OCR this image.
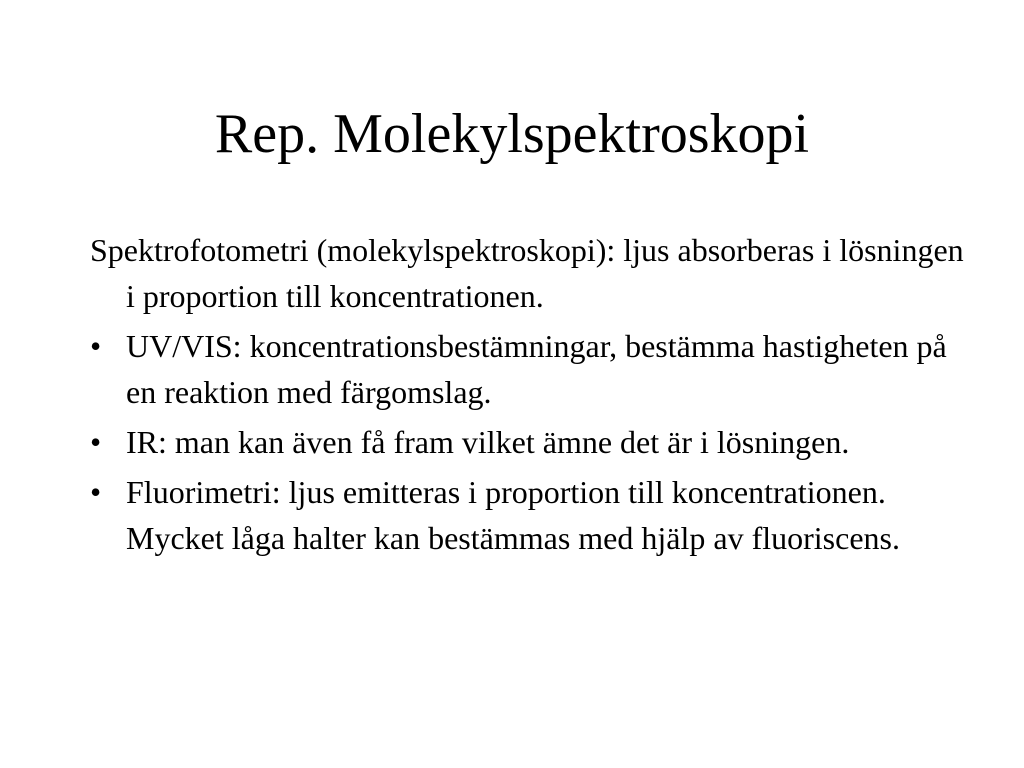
Rep. Molekylspektroskopi

Spektrofotometri (molekylspektroskopi): ljus absorberas i lösningen i proportion till koncentrationen.

• UV/VIS: koncentrationsbestämningar, bestämma hastigheten på en reaktion med färgomslag.
• IR: man kan även få fram vilket ämne det är i lösningen.
• Fluorimetri: ljus emitteras i proportion till koncentrationen. Mycket låga halter kan bestämmas med hjälp av fluoriscens.
